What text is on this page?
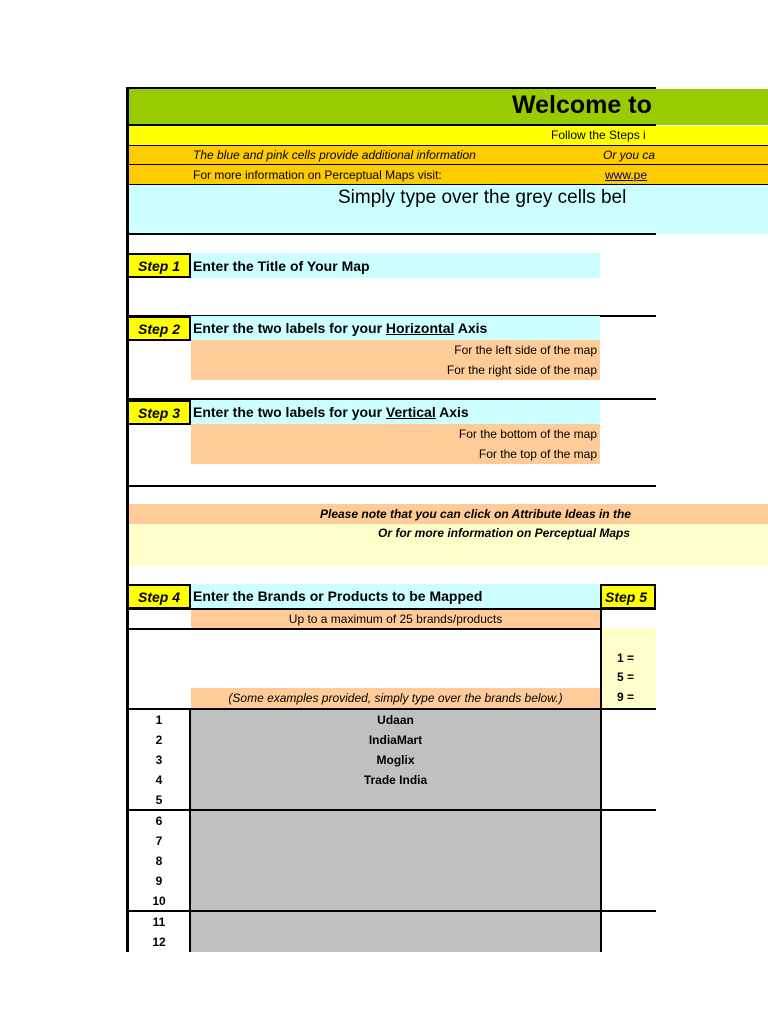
Welcome to
Follow the Steps i
The blue and pink cells provide additional information	Or you ca
For more information on Perceptual Maps visit:	www.pe
Simply type over the grey cells bel
Step 1 Enter the Title of Your Map
Step 2 Enter the two labels for your Horizontal Axis
For the left side of the map
For the right side of the map
Step 3 Enter the two labels for your Vertical Axis
For the bottom of the map
For the top of the map
Please note that you can click on Attribute Ideas in the
Or for more information on Perceptual Maps
Step 4 Enter the Brands or Products to be Mapped
Up to a maximum of 25 brands/products
(Some examples provided, simply type over the brands below.)
Step 5
1 =
5 =
9 =
1	Udaan
2	IndiaMart
3	Moglix
4	Trade India
5
6
7
8
9
10
11
12
